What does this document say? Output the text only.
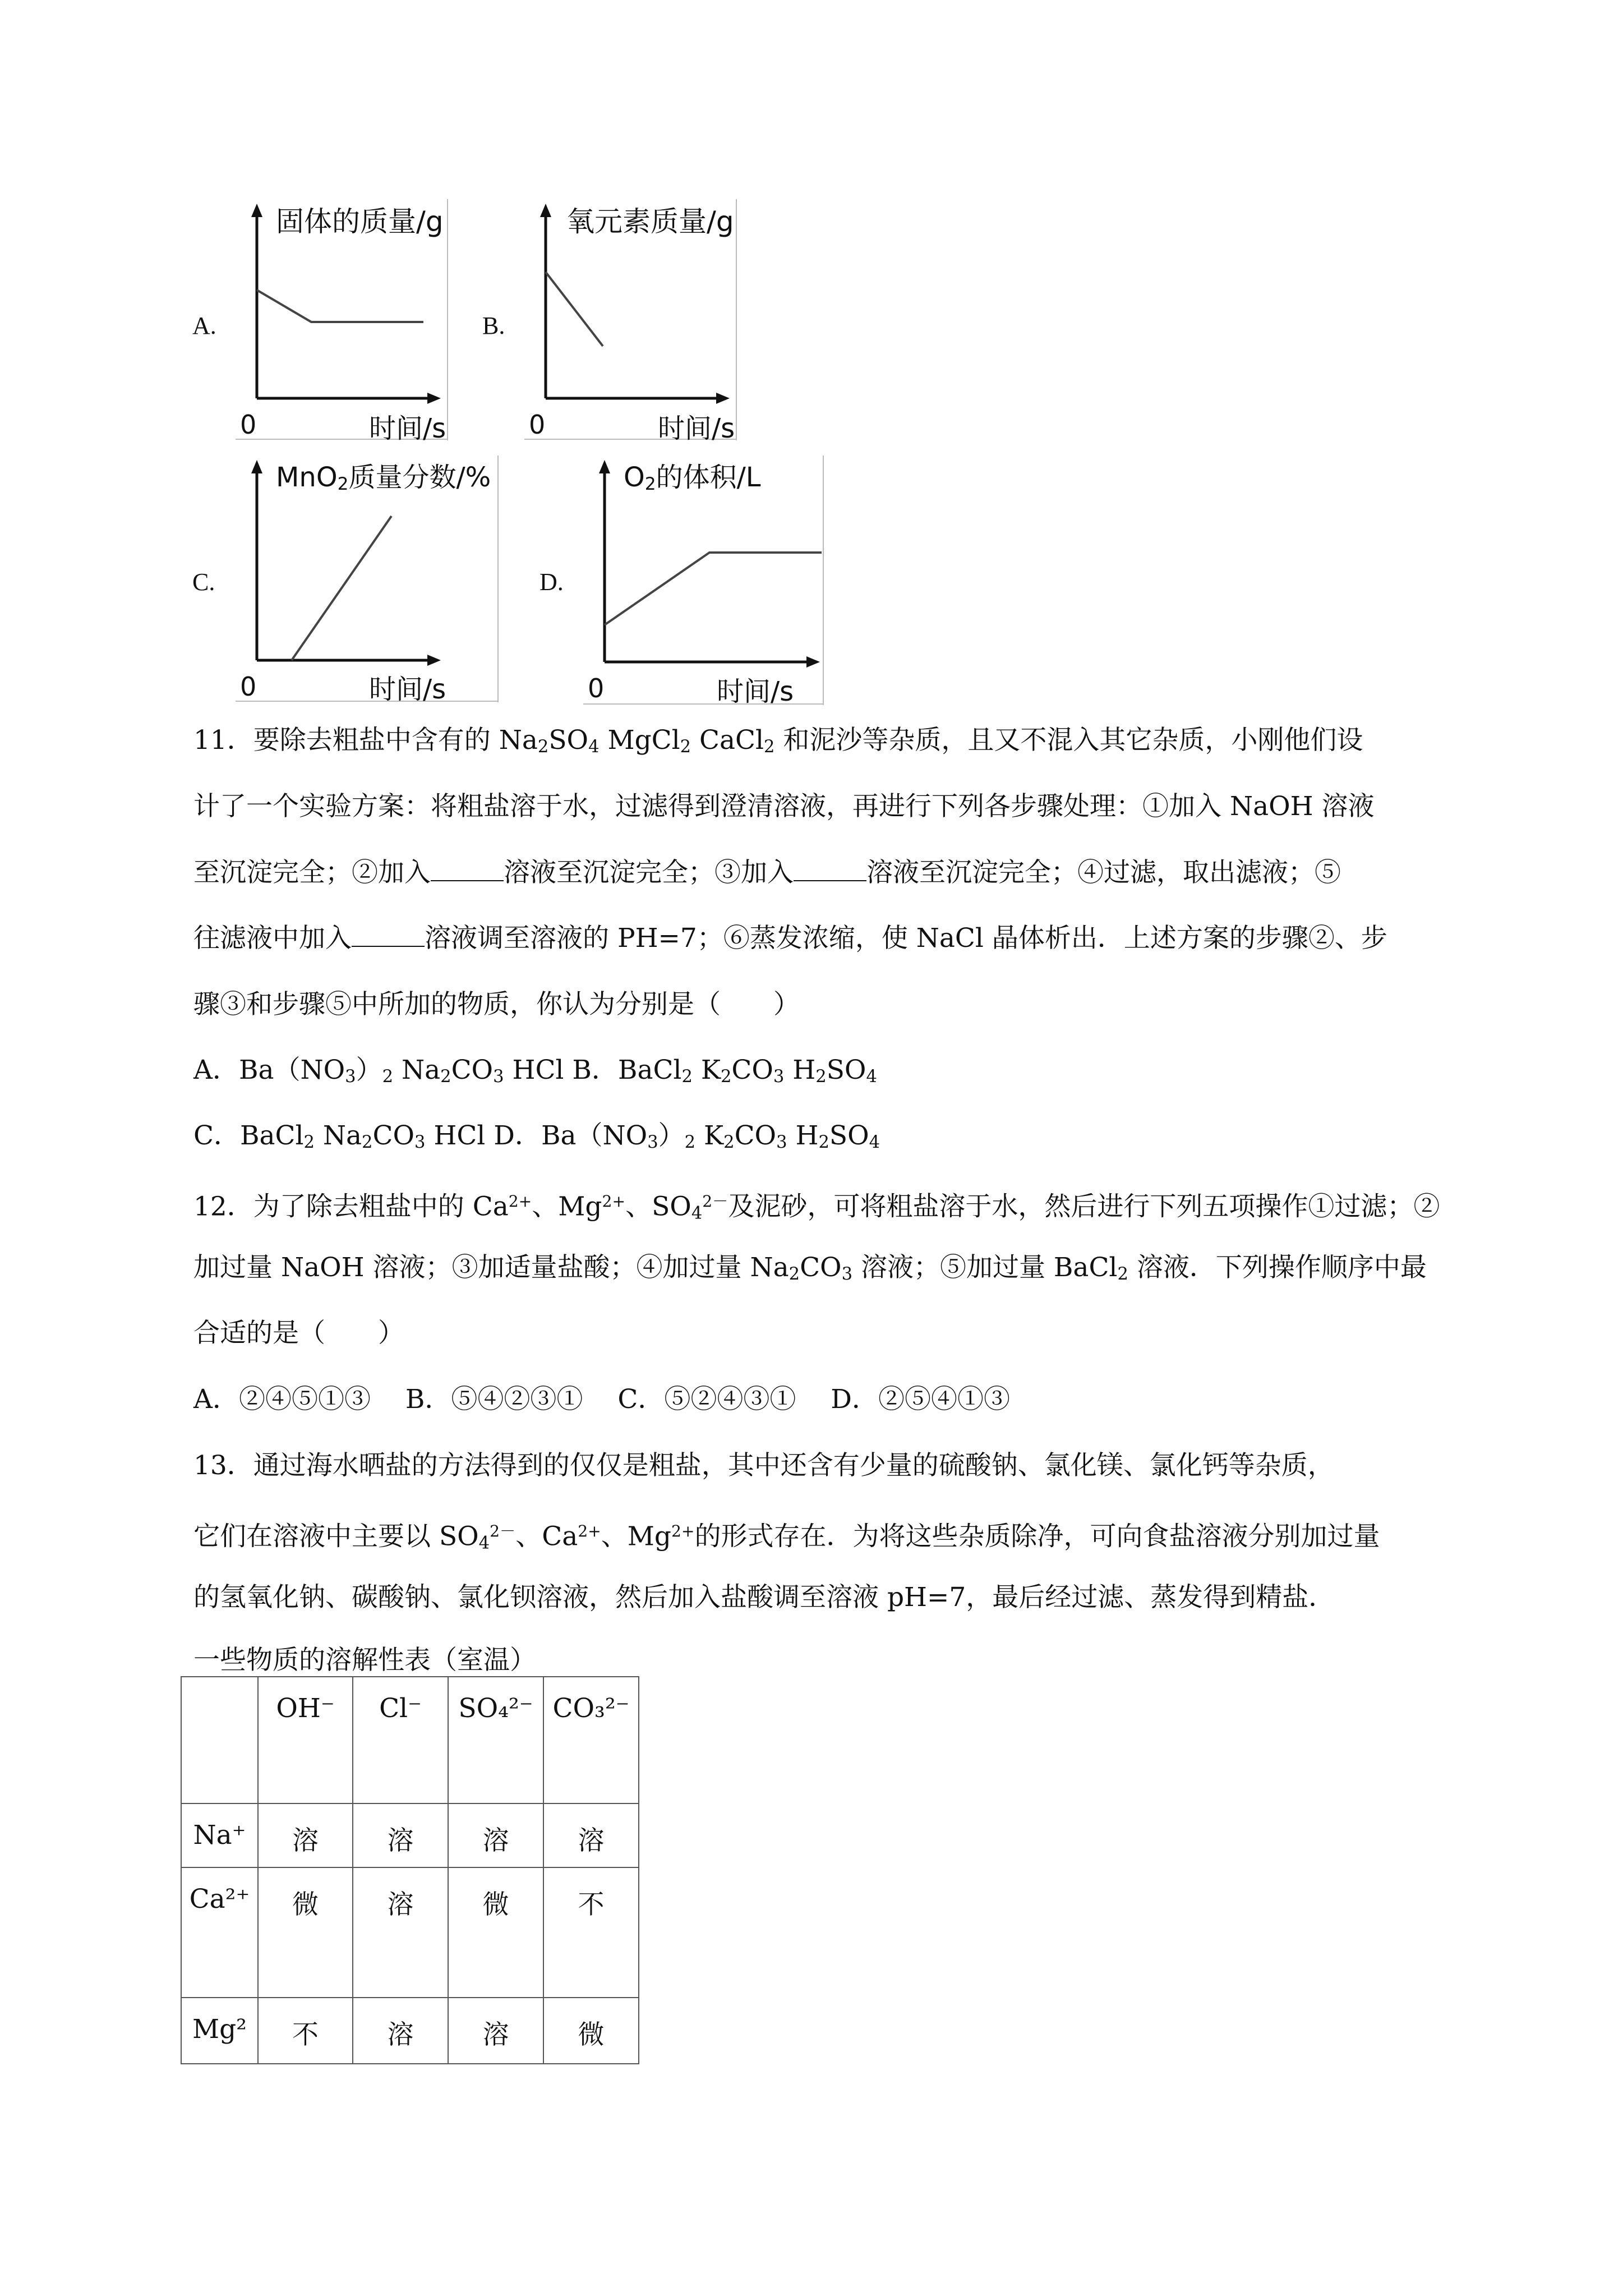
A.
固体的质量/g
0	时间/s
B.
氧元素质量/g
0	时间/s
C.
MnO$_2$质量分数/%
0	时间/s
D.
$O_2$的体积/L
0	时间/s
11．要除去粗盐中含有的 $Na_2SO_4$ MgCl$_2$ CaCl$_2$ 和泥沙等杂质，且又不混入其它杂质，小刚他们设
计了一个实验方案：将粗盐溶于水，过滤得到澄清溶液，再进行下列各步骤处理：①加入 NaOH 溶液
至沉淀完全；②加入	溶液至沉淀完全；③加入	溶液至沉淀完全；④过滤，取出滤液；⑤
往滤液中加入	溶液调至溶液的 PH=7；⑥蒸发浓缩，使 NaCl 晶体析出．上述方案的步骤②、步
骤③和步骤⑤中所加的物质，你认为分别是（　　）
A．$Ba(NO_3)_2$ $Na_2CO_3$ HCl B．BaCl$_2$ $K_2CO_3$ $H_2SO_4$
C．BaCl$_2$ $Na_2CO_3$ HCl D．$Ba(NO_3)_2$ $K_2CO_3$ $H_2SO_4$
12．为了除去粗盐中的 $Ca^{2+}$、$Mg^{2+}$、$SO_4^{2-}$及泥砂，可将粗盐溶于水，然后进行下列五项操作①过滤；②
加过量 NaOH 溶液；③加适量盐酸；④加过量 $Na_2CO_3$ 溶液；⑤加过量 BaCl$_2$ 溶液．下列操作顺序中最
合适的是（　　）
A．②④⑤①③　 B．⑤④②③①　 C．⑤②④③①　 D．②⑤④①③
13．通过海水晒盐的方法得到的仅仅是粗盐，其中还含有少量的硫酸钠、氯化镁、氯化钙等杂质，
它们在溶液中主要以 $SO_4^{2-}$、$Ca^{2+}$、$Mg^{2+}$的形式存在．为将这些杂质除净，可向食盐溶液分别加过量
的氢氧化钠、碳酸钠、氯化钡溶液，然后加入盐酸调至溶液 pH=7，最后经过滤、蒸发得到精盐．
一些物质的溶解性表（室温）
	OH⁻	Cl⁻	SO₄²⁻	CO₃²⁻
Na⁺	溶	溶	溶	溶
Ca²⁺	微	溶	微	不
Mg²	不	溶	溶	微
